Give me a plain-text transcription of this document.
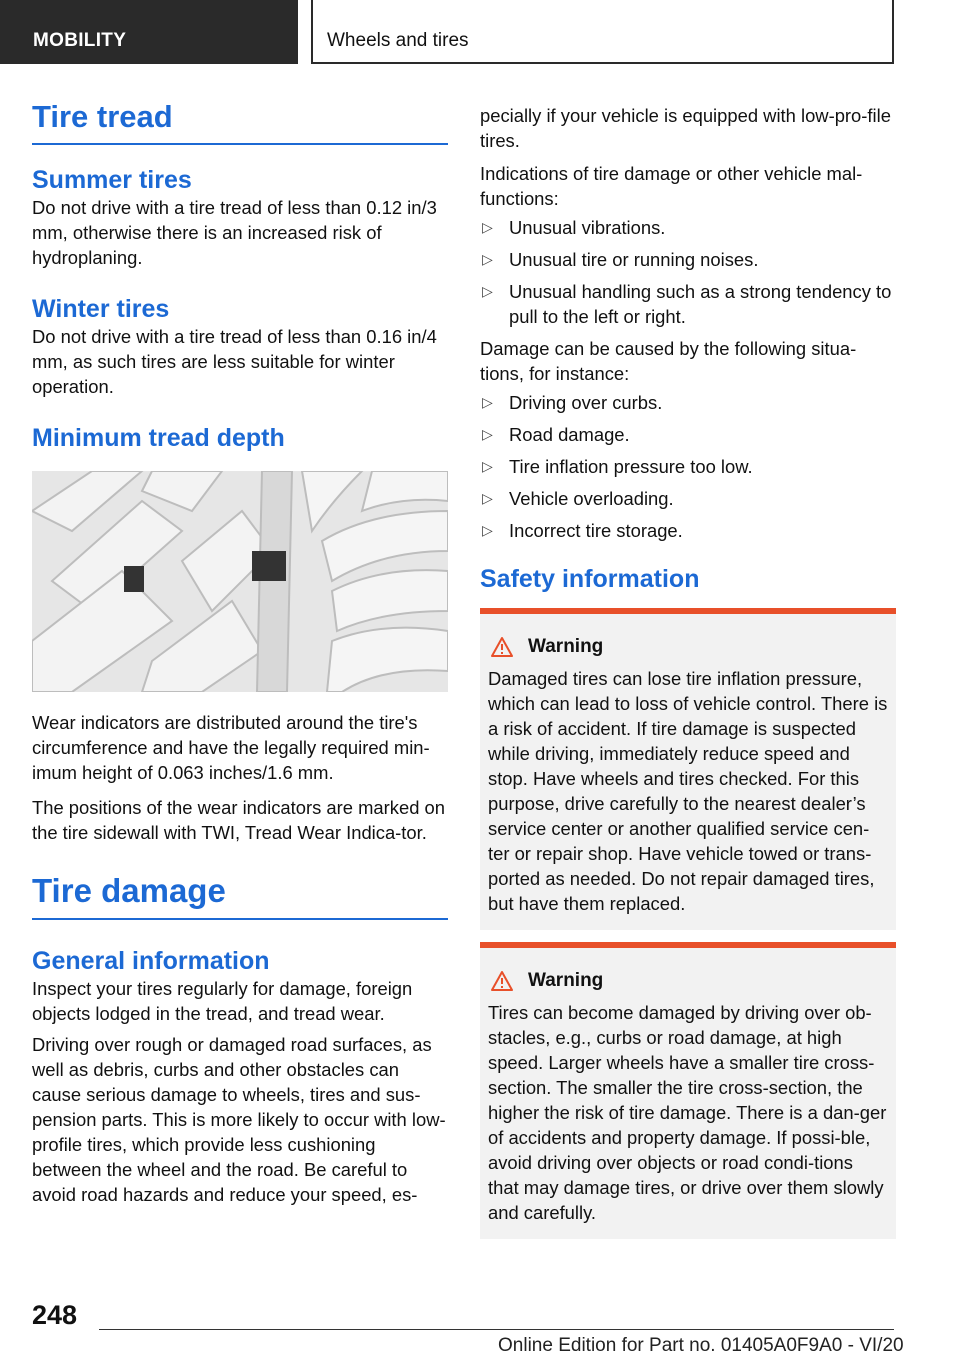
MOBILITY	Wheels and tires
Tire tread
Summer tires

Do not drive with a tire tread of less than 0.12 in/3 mm, otherwise there is an increased risk of hydroplaning.

Winter tires

Do not drive with a tire tread of less than 0.16 in/4 mm, as such tires are less suitable for winter operation.

Minimum tread depth

Wear indicators are distributed around the tire's circumference and have the legally required min-imum height of 0.063 inches/1.6 mm.

The positions of the wear indicators are marked on the tire sidewall with TWI, Tread Wear Indica-tor.

Tire damage
General information

Inspect your tires regularly for damage, foreign objects lodged in the tread, and tread wear.

Driving over rough or damaged road surfaces, as well as debris, curbs and other obstacles can cause serious damage to wheels, tires and sus-pension parts. This is more likely to occur with low-profile tires, which provide less cushioning between the wheel and the road. Be careful to avoid road hazards and reduce your speed, es-

pecially if your vehicle is equipped with low-pro-file tires.

Indications of tire damage or other vehicle mal-functions:

▷ Unusual vibrations.
▷ Unusual tire or running noises.
▷ Unusual handling such as a strong tendency to pull to the left or right.

Damage can be caused by the following situa-tions, for instance:

▷ Driving over curbs.
▷ Road damage.
▷ Tire inflation pressure too low.
▷ Vehicle overloading.
▷ Incorrect tire storage.
Safety information
Warning

Damaged tires can lose tire inflation pressure, which can lead to loss of vehicle control. There is a risk of accident. If tire damage is suspected while driving, immediately reduce speed and stop. Have wheels and tires checked. For this purpose, drive carefully to the nearest dealer’s service center or another qualified service cen-ter or repair shop. Have vehicle towed or trans-ported as needed. Do not repair damaged tires, but have them replaced.

Warning

Tires can become damaged by driving over ob-stacles, e.g., curbs or road damage, at high speed. Larger wheels have a smaller tire cross-section. The smaller the tire cross-section, the higher the risk of tire damage. There is a dan-ger of accidents and property damage. If possi-ble, avoid driving over objects or road condi-tions that may damage tires, or drive over them slowly and carefully.

248
Online Edition for Part no. 01405A0F9A0 - VI/20
